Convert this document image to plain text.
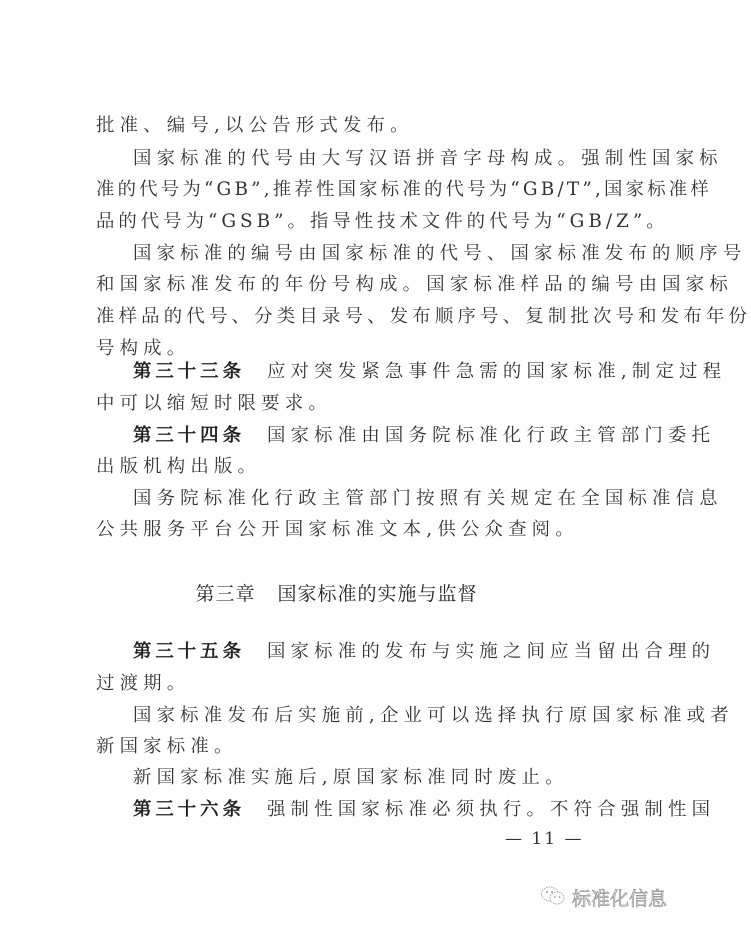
批准、编号,以公告形式发布。
国家标准的代号由大写汉语拼音字母构成。强制性国家标
准的代号为“GB”,推荐性国家标准的代号为“GB/T”,国家标准样
品的代号为“GSB”。指导性技术文件的代号为“GB/Z”。
国家标准的编号由国家标准的代号、国家标准发布的顺序号
和国家标准发布的年份号构成。国家标准样品的编号由国家标
准样品的代号、分类目录号、发布顺序号、复制批次号和发布年份
号构成。
第三十三条 应对突发紧急事件急需的国家标准,制定过程
中可以缩短时限要求。
第三十四条 国家标准由国务院标准化行政主管部门委托
出版机构出版。
国务院标准化行政主管部门按照有关规定在全国标准信息
公共服务平台公开国家标准文本,供公众查阅。
第三章 国家标准的实施与监督
第三十五条 国家标准的发布与实施之间应当留出合理的
过渡期。
国家标准发布后实施前,企业可以选择执行原国家标准或者
新国家标准。
新国家标准实施后,原国家标准同时废止。
第三十六条 强制性国家标准必须执行。不符合强制性国
— 11 —
标准化信息
